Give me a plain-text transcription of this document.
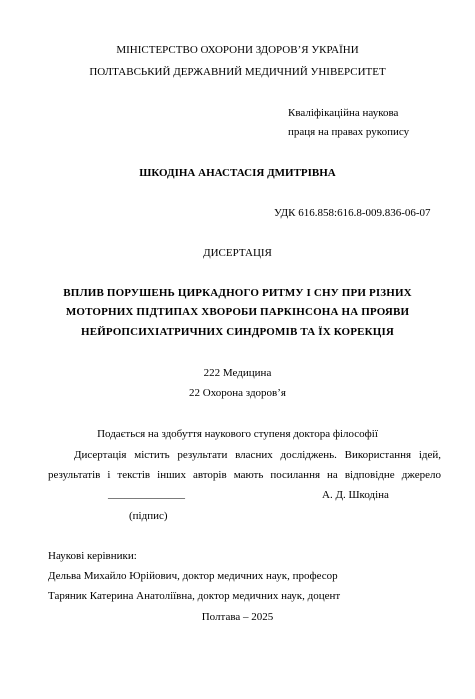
МІНІСТЕРСТВО ОХОРОНИ ЗДОРОВ’Я УКРАЇНИ
ПОЛТАВСЬКИЙ ДЕРЖАВНИЙ МЕДИЧНИЙ УНІВЕРСИТЕТ
Кваліфікаційна наукова
праця на правах рукопису
ШКОДІНА АНАСТАСІЯ ДМИТРІВНА
УДК 616.858:616.8-009.836-06-07
ДИСЕРТАЦІЯ
ВПЛИВ ПОРУШЕНЬ ЦИРКАДНОГО РИТМУ І СНУ ПРИ РІЗНИХ
МОТОРНИХ ПІДТИПАХ ХВОРОБИ ПАРКІНСОНА НА ПРОЯВИ
НЕЙРОПСИХІАТРИЧНИХ СИНДРОМІВ ТА ЇХ КОРЕКЦІЯ
222 Медицина
22 Охорона здоров’я
Подається на здобуття наукового ступеня доктора філософії
Дисертація містить результати власних досліджень. Використання ідей,
результатів і текстів інших авторів мають посилання на відповідне джерело
______________	А. Д. Шкодіна
(підпис)
Наукові керівники:
Дельва Михайло Юрійович, доктор медичних наук, професор
Таряник Катерина Анатоліївна, доктор медичних наук, доцент
Полтава – 2025
